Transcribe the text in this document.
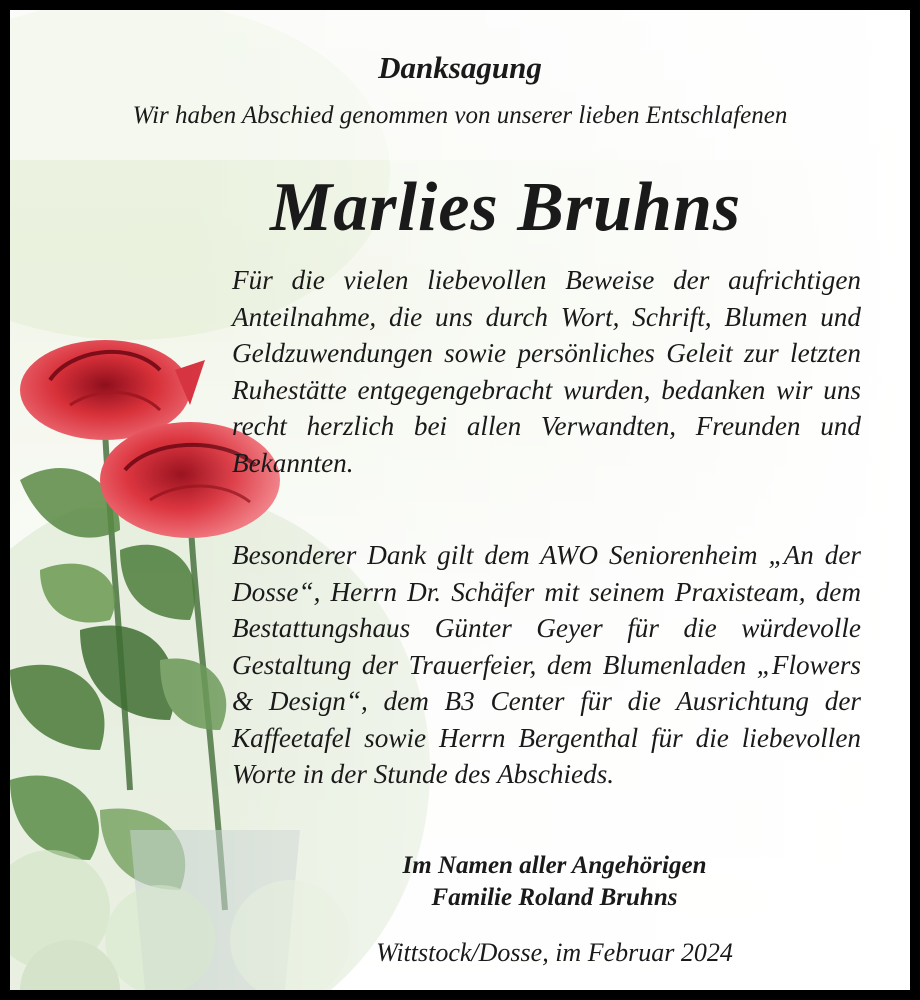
Danksagung
Wir haben Abschied genommen von unserer lieben Entschlafenen
Marlies Bruhns

Für die vielen liebevollen Beweise der aufrichtigen Anteilnahme, die uns durch Wort, Schrift, Blumen und Geldzuwendungen sowie persönliches Geleit zur letzten Ruhestätte entgegengebracht wurden, bedanken wir uns recht herzlich bei allen Verwandten, Freunden und Bekannten.

Besonderer Dank gilt dem AWO Seniorenheim „An der Dosse“, Herrn Dr. Schäfer mit seinem Praxisteam, dem Bestattungshaus Günter Geyer für die würdevolle Gestaltung der Trauerfeier, dem Blumenladen „Flowers & Design“, dem B3 Center für die Ausrichtung der Kaffeetafel sowie Herrn Bergenthal für die liebevollen Worte in der Stunde des Abschieds.

Im Namen aller Angehörigen
Familie Roland Bruhns
Wittstock/Dosse, im Februar 2024
